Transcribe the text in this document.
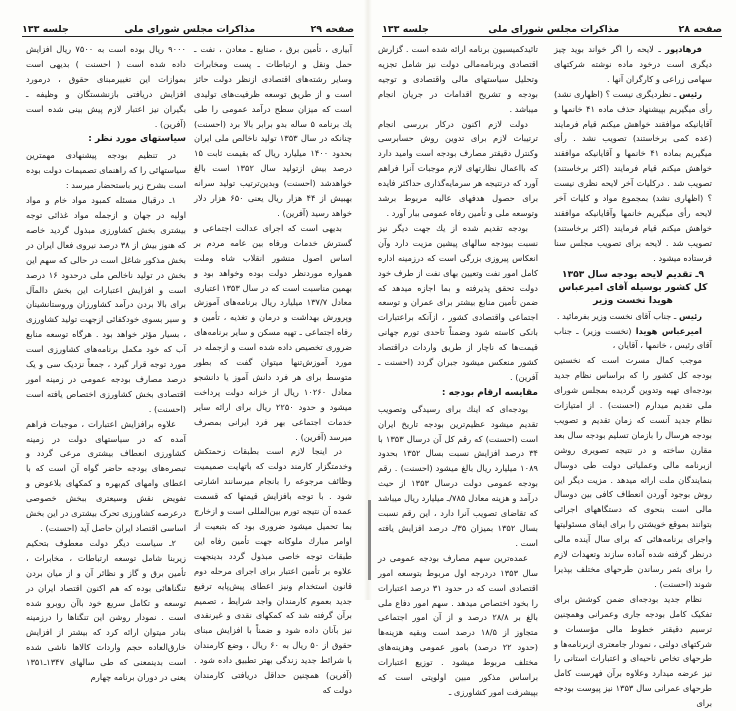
صفحه ۲۹
مذاکرات مجلس شورای ملی
جلسه ۱۳۳

آبیاری ، تأمین برق ، صنایع ـ معادن ، نفت ـ حمل ونقل و ارتباطات ـ پست ومخابرات وسایر رشته‌های اقتصادی ازنظر دولت حائز است و از طریق توسعه ظرفیت‌های تولیدی است که میزان سطح درآمد عمومی را طی یك برنامه ۵ ساله بدو برابر بالا برد (احسنت) چنانکه در سال ۱۳۵۳ تولید ناخالص ملی ایران بحدود ۱۴۰۰ میلیارد ریال که بقیمت ثابت ۱۵ درصد بیش ازتولید سال ۱۳۵۲ است بالغ خواهدشد (احسنت) وبدین‌ترتیب تولید سرانه بهبیش از ۴۴ هزار ریال یعنی ۶۵۰ هزار دلار خواهد رسید (آفرین) .

بدیهی است که اجرای عدالت اجتماعی و گسترش خدمات ورفاه بین عامه مردم بر اساس اصول منشور انقلاب شاه وملت همواره موردنظر دولت بوده وخواهد بود و بهمین مناسبت است که در سال ۱۳۵۳ اعتباری معادل ۱۳۷/۷ میلیارد ریال برنامه‌های آموزش وپرورش بهداشت و درمان و تغذیه ، تأمین و رفاه اجتماعی ـ تهیه مسکن و سایر برنامه‌های ضروری تخصیص داده شده است و ازجمله در مورد آموزش‌تنها میتوان گفت که بطور متوسط برای هر فرد دانش آموز یا دانشجو معادل ۱۰۲۶۰ ریال از خزانه دولت پرداخت میشود و حدود ۲۲۵۰ ریال برای ارائه سایر خدمات اجتماعی بهر فرد ایرانی بمصرف میرسد (آفرین) .

در اینجا لازم است بطبقات زحمتکش وخدمتگزار کارمند دولت که باتهایت صمیمیت وظائف مرجوعه را بانجام میرسانند اشارتی شود . با توجه بافزایش قیمتها که قسمت عمده آن نتیجه تورم بین‌المللی است و ازخارج بما تحمیل میشود ضروری بود که بتبعیت از اوامر مبارك ملوکانه جهت تأمین رفاه این طبقات توجه خاصی مبذول گردد بدینجهت علاوه بر تأمین اعتبار برای اجرای مرحله دوم قانون استخدام ونیز اعطای پیش‌پایه ترفیع جدید بعموم کارمندان واجد شرایط ، تصمیم برآن گرفته شد که کمکهای نقدی و غیرنقدی نیز بآنان داده شود و ضمناً با افزایش مبنای حقوق از ۵۰ ریال به ۶۰ ریال ، وضع کارمندان با شرائط جدید زندگی بهتر تطبیق داده شود . (آفرین) همچنین حداقل دریافتی کارمندان دولت که

۹۰۰۰ ریال بوده است به ۷۵۰۰ ریال افزایش داده شده است ( احسنت ) بدیهی است بموازات این تغییرمبنای حقوق ، درمورد افزایش دریافتی بازنشستگان و وظیفه ـ بگیران نیز اعتبار لازم پیش بینی شده است (آفرین) .

سیاستهای مورد نظر :

در تنظیم بودجه پیشنهادی مهمترین سیاستهائی را که راهنمای تصمیمات دولت بوده است بشرح زیر باستحضار میرسد :

۱ـ درقبال مسئله کمبود مواد خام و مواد اولیه در جهان و ازجمله مواد غذائی توجه بیشتری بخش کشاورزی مبذول گردید خاصه که هنوز بیش از ۳۸ درصد نیروی فعال ایران در بخش مذکور شاغل است در حالی که سهم این بخش در تولید ناخالص ملی درحدود ۱۶ درصد است و افزایش اعتبارات این بخش دالمآل برای بالا بردن درآمد کشاورزان وروستانشینان و سیر بسوی خودکفائی ازجهت تولید کشاورزی ، بسیار مؤثر خواهد بود . هرگاه توسعه منابع آب که خود مکمل برنامه‌های کشاورزی است مورد توجه قرار گیرد ، جمعاً نزدیک سی و یک درصد مصارف بودجه عمومی در زمینه امور اقتصادی بخش کشاورزی اختصاص یافته است (احسنت) .

علاوه برافزایش اعتبارات ، موجبات فراهم آمده که در سیاستهای دولت در زمینه کشاورزی انعطاف بیشتری مرعی گردد و تبصره‌های بودجه حاضر گواه آن است که با اعطای وامهای کم‌بهره و کمکهای بلاعوض و تفویض نقش وسیعتری ببخش خصوصی درعرصه کشاورزی تحرک بیشتری در این بخش اساسی اقتصاد ایران حاصل آید (احسنت) .

۲ـ سیاست دیگر دولت معطوف بتحکیم زیربنا شامل توسعه ارتباطات ، مخابرات ، تأمین برق و گاز و نظائر آن و از میان بردن تنگناهائی بوده که هم اکنون اقتصاد ایران در توسعه و تکامل سریع خود باآن روبرو شده است . نمودار روشن این تنگناها را درزمینه بنادر میتوان ارائه کرد که بیشتر از افزایش خارق‌العاده حجم واردات کالاها ناشی شده است بدینمعنی که طی سالهای ۱۳۴۷ـ۱۳۵۱ یعنی در دوران برنامه چهارم

صفحه ۲۸
مذاکرات مجلس شورای ملی
جلسه ۱۳۳

فرهادپور ـ لایحه را اگر خواند بوید چیز دیگری است درخود ماده نوشته شرکتهای سهامی زراعی و کارگران آنها .

رئیس ـ نظردیگری نیست ؟ (اظهاری نشد) رأی میگیریم بپیشنهاد حذف ماده ۴۱ خانمها و آقایانیکه موافقند خواهش میکنم قیام فرمایند (عده کمی برخاستند) تصویب نشد . رأی میگیریم بماده ۴۱ خانمها و آقایانیکه موافقند خواهش میکنم قیام فرمایند (اکثر برخاستند) تصویب شد . درکلیات آخر لایحه نظری نیست ؟ (اظهاری نشد) بمجموع مواد و کلیات آخر لایحه رأی میگیریم خانمها وآقایانیکه موافقند خواهش میکنم قیام فرمایند (اکثر برخاستند) تصویب شد . لایحه برای تصویب مجلس سنا فرستاده میشود .

۹ـ تقدیم لایحه بودجه سال ۱۳۵۳ کل کشور بوسیله آقای امیرعباس هویدا نخست وزیر

رئیس ـ جناب آقای نخست وزیر بفرمائید .

امیرعباس هویدا (نخست وزیر) ـ جناب آقای رئیس ، خانمها ، آقایان ،

موجب کمال مسرت است که نخستین بودجه کل کشور را که براساس نظام جدید بودجه‌ای تهیه وتدوین گردیده بمجلس شورای ملی تقدیم میدارم (احسنت) . از امتیازات نظام جدید آنست که زمان تقدیم و تصویب بودجه هرسال را بازمان تسلیم بودجه سال بعد مقارن ساخته و در نتیجه تصویری روشن ازبرنامه مالی وعملیاتی دولت طی دوسال بنمایندگان ملت ارائه میدهد . مزیت دیگر این روش بوجود آوردن انعطاف کافی بین دوسال مالی است بنحوی که دستگاههای اجرائی بتوانند بموقع خویشتن را برای ایفای مسئولیتها واجرای برنامه‌هائی که برای سال آینده مالی درنظر گرفته شده آماده سازند وتعهدات لازم را برای بثمر رساندن طرحهای مختلف بپذیرا شوند (احسنت) .

نظام جدید بودجه‌ای ضمن کوشش برای تفکیک کامل بودجه جاری وعمرانی وهمچنین ترسیم دقیقتر خطوط مالی مؤسسات و شرکتهای دولتی ، نمودار جامعتری ازبرنامه‌ها و طرحهای تخاص ناحیه‌ای و اعتبارات استانی را نیز عرضه میدارد وعلاوه برآن فهرست کامل طرحهای عمرانی سال ۱۳۵۳ نیز پیوست بودجه برای

تائیدکمیسیون برنامه ارائه شده است . گزارش اقتصادی وبرنامه‌مالی دولت نیز شامل تجزیه وتحلیل سیاستهای مالی واقتصادی و توجیه بودجه و تشریح اقدامات در جریان انجام میباشد .

دولت لازم اکنون درکار بررسی انجام ترتیبات لازم برای تدوین روش حسابرسی وکنترل دقیقتر مصارف بودجه است وامید دارد که بااعمال نظارتهای لازم موجبات آنرا فراهم آورد که درنتیجه هر سرمایه‌گذاری حداکثر فایده برای حصول هدفهای عالیه مربوط برشد وتوسعه ملی و تأمین رفاه عمومی ببار آورد .

بودجه تقدیم شده از یك جهت دیگر نیز نسبت ببودجه سالهای پیشین مزیت دارد وآن انعکاس پیروزی بزرگی است که درزمینه اداره کامل امور نفت وتعیین بهای نفت از طرف خود دولت تحقق پذیرفته و بما اجازه میدهد که ضمن تأمین منابع بیشتر برای عمران و توسعه اجتماعی واقتصادی کشور ، ازآنکه براعتبارات بانکی کاسته شود وضمناً تاحدی تورم جهانی قیمت‌ها که ناچار از طریق واردات دراقتصاد کشور منعکس میشود جبران گردد (احسنت ـ آفرین) .

مقایسه ارقام بودجه :

بودجه‌ای که اینك برای رسیدگی وتصویب تقدیم میشود عظیم‌ترین بودجه تاریخ ایران است (احسنت) که رقم کل آن درسال ۱۳۵۳ با ۳۴ درصد افزایش نسبت بسال ۱۳۵۲ بحدود ۱۰۸۹ میلیارد ریال بالغ میشود (احسنت) . رقم بودجه عمومی دولت درسال ۱۳۵۳ از حیث درآمد و هزینه معادل ۷۸۵/ـ میلیارد ریال میباشد که تقاضای تصویب آنرا دارد ، این رقم نسبت بسال ۱۳۵۲ بمیزان ۳۵/ـ درصد افزایش یافته است .

عمده‌ترین سهم مصارف بودجه عمومی در سال ۱۳۵۳ دردرجه اول مربوط بتوسعه امور اقتصادی است که در حدود ۳۱ درصد اعتبارات را بخود اختصاص میدهد . سهم امور دفاع ملی بالغ بر ۲۸/۸ درصد و از آن امور اجتماعی متجاوز از ۱۸/۵ درصد است وبقیه هزینه‌ها (حدود ۲۲ درصد) بامور عمومی وهزینه‌های مختلف مربوط میشود . توزیع اعتبارات براساس مذکور مبین اولویتی است که بپیشرفت امور کشاورزی ـ
